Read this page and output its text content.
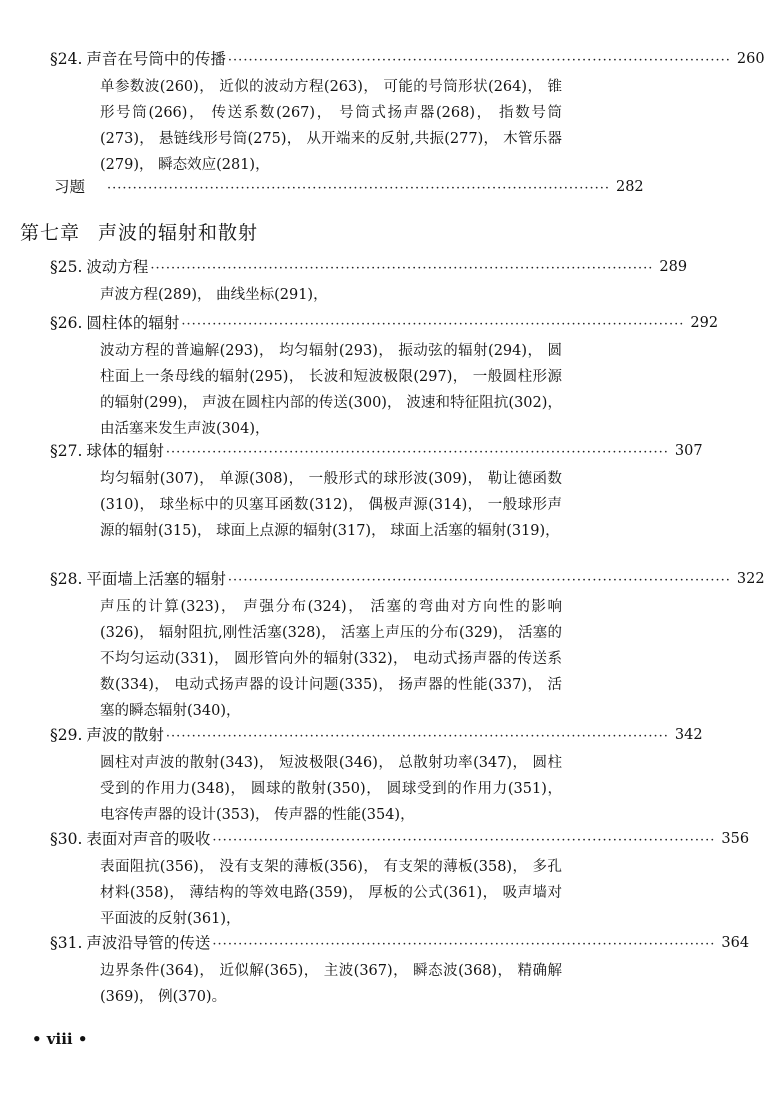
§24. 声音在号筒中的传播 ·································································································· 260
单参数波(260)， 近似的波动方程(263)， 可能的号筒形状(264)， 锥形号筒(266)， 传送系数(267)， 号筒式扬声器(268)， 指数号筒(273)， 悬链线形号筒(275)， 从开端来的反射,共振(277)， 木管乐器(279)， 瞬态效应(281)，
习题 ·································································································· 282
第七章 声波的辐射和散射
§25. 波动方程 ·································································································· 289
声波方程(289)， 曲线坐标(291)，
§26. 圆柱体的辐射 ·································································································· 292
波动方程的普遍解(293)， 均匀辐射(293)， 振动弦的辐射(294)， 圆柱面上一条母线的辐射(295)， 长波和短波极限(297)， 一般圆柱形源的辐射(299)， 声波在圆柱内部的传送(300)， 波速和特征阻抗(302)， 由活塞来发生声波(304)，
§27. 球体的辐射 ·································································································· 307
均匀辐射(307)， 单源(308)， 一般形式的球形波(309)， 勒让德函数(310)， 球坐标中的贝塞耳函数(312)， 偶极声源(314)， 一般球形声源的辐射(315)， 球面上点源的辐射(317)， 球面上活塞的辐射(319)，
§28. 平面墙上活塞的辐射 ·································································································· 322
声压的计算(323)， 声强分布(324)， 活塞的弯曲对方向性的影响(326)， 辐射阻抗,刚性活塞(328)， 活塞上声压的分布(329)， 活塞的不均匀运动(331)， 圆形管向外的辐射(332)， 电动式扬声器的传送系数(334)， 电动式扬声器的设计问题(335)， 扬声器的性能(337)， 活塞的瞬态辐射(340)，
§29. 声波的散射 ·································································································· 342
圆柱对声波的散射(343)， 短波极限(346)， 总散射功率(347)， 圆柱受到的作用力(348)， 圆球的散射(350)， 圆球受到的作用力(351)， 电容传声器的设计(353)， 传声器的性能(354)，
§30. 表面对声音的吸收 ·································································································· 356
表面阻抗(356)， 没有支架的薄板(356)， 有支架的薄板(358)， 多孔材料(358)， 薄结构的等效电路(359)， 厚板的公式(361)， 吸声墙对平面波的反射(361)，
§31. 声波沿导管的传送 ·································································································· 364
边界条件(364)， 近似解(365)， 主波(367)， 瞬态波(368)， 精确解(369)， 例(370)。
• viii •
